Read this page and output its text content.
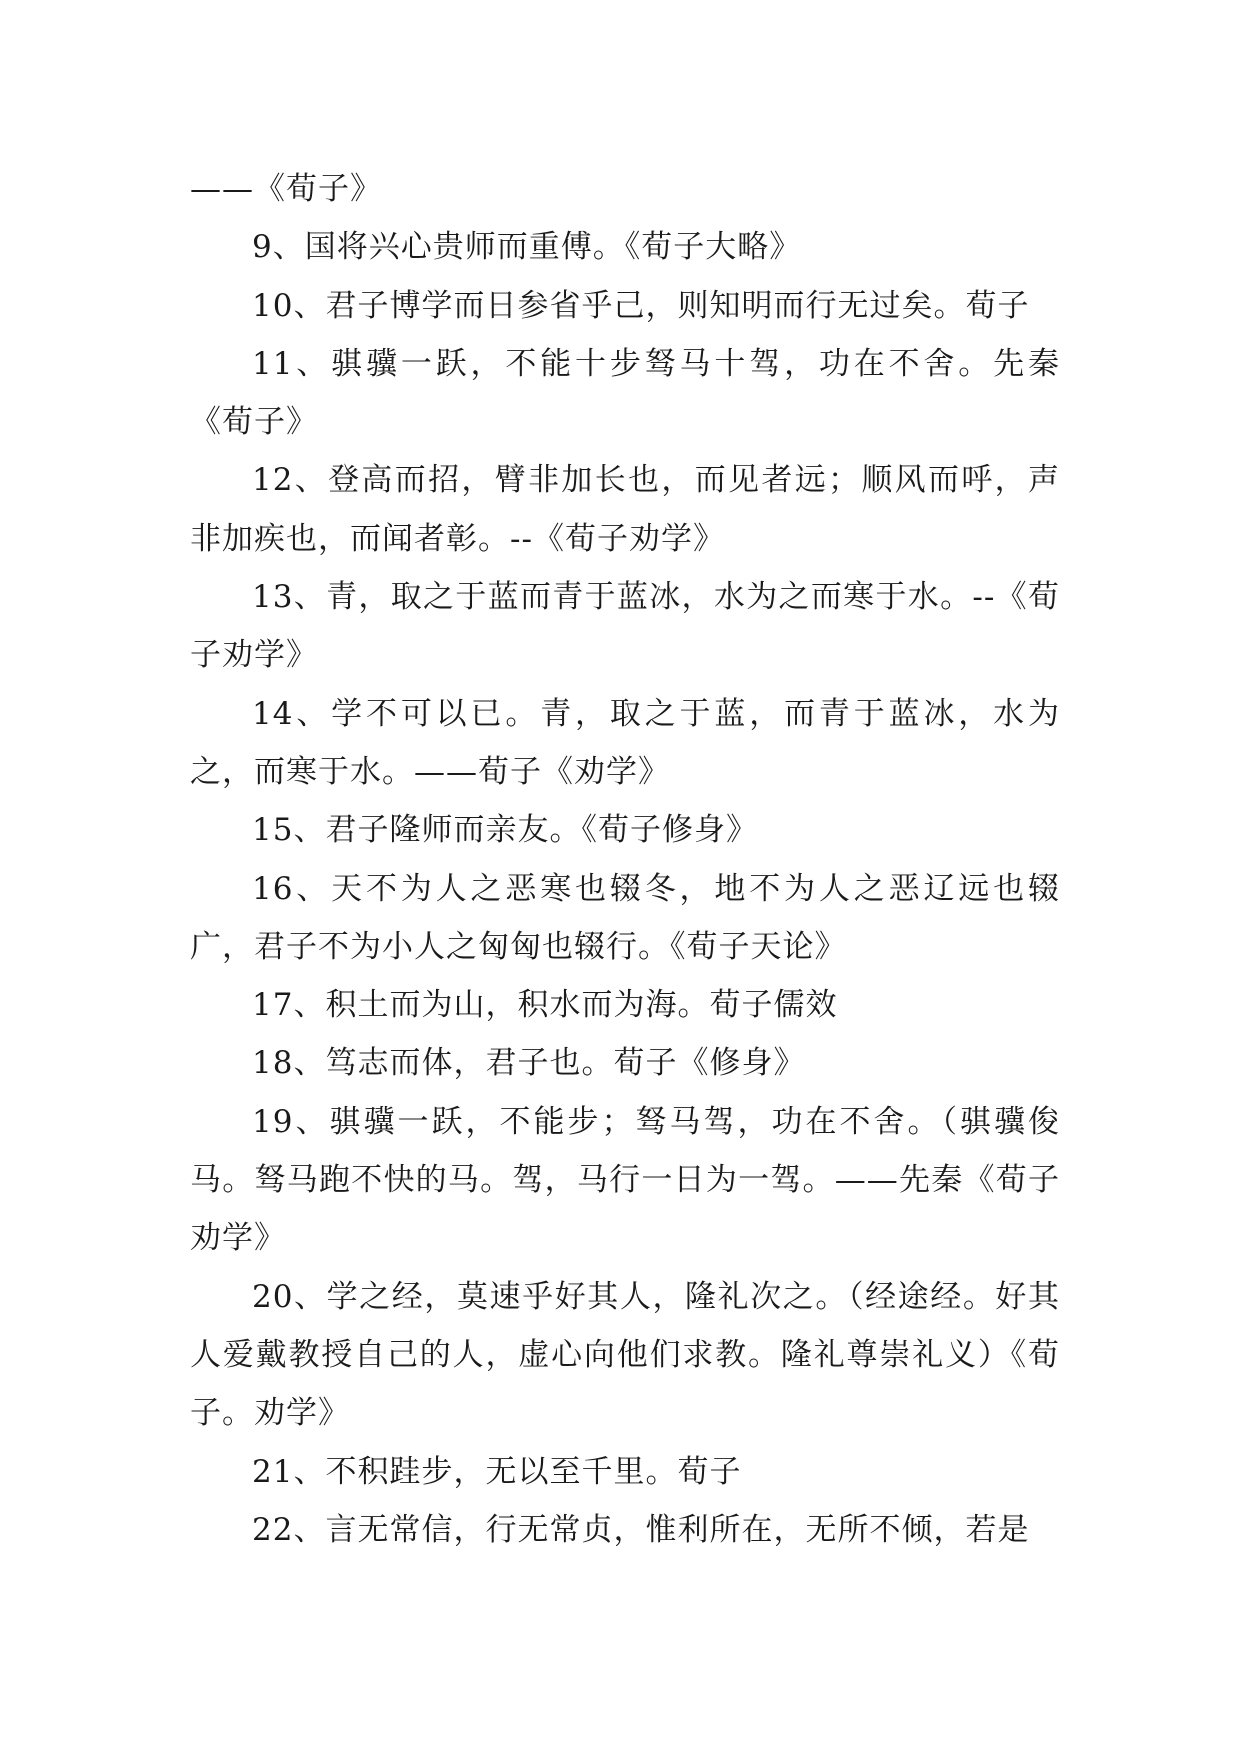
——《荀子》

9、国将兴心贵师而重傅。《荀子大略》

10、君子博学而日参省乎己，则知明而行无过矣。荀子

11、骐骥一跃，不能十步驽马十驾，功在不舍。先秦《荀子》

12、登高而招，臂非加长也，而见者远；顺风而呼，声非加疾也，而闻者彰。--《荀子劝学》

13、青，取之于蓝而青于蓝冰，水为之而寒于水。--《荀子劝学》

14、学不可以已。青，取之于蓝，而青于蓝冰，水为之，而寒于水。——荀子《劝学》

15、君子隆师而亲友。《荀子修身》

16、天不为人之恶寒也辍冬，地不为人之恶辽远也辍广，君子不为小人之匈匈也辍行。《荀子天论》

17、积土而为山，积水而为海。荀子儒效

18、笃志而体，君子也。荀子《修身》

19、骐骥一跃，不能步；驽马驾，功在不舍。（骐骥俊马。驽马跑不快的马。驾，马行一日为一驾。——先秦《荀子劝学》

20、学之经，莫速乎好其人，隆礼次之。（经途经。好其人爱戴教授自己的人，虚心向他们求教。隆礼尊崇礼义）《荀子。劝学》

21、不积跬步，无以至千里。荀子

22、言无常信，行无常贞，惟利所在，无所不倾，若是
